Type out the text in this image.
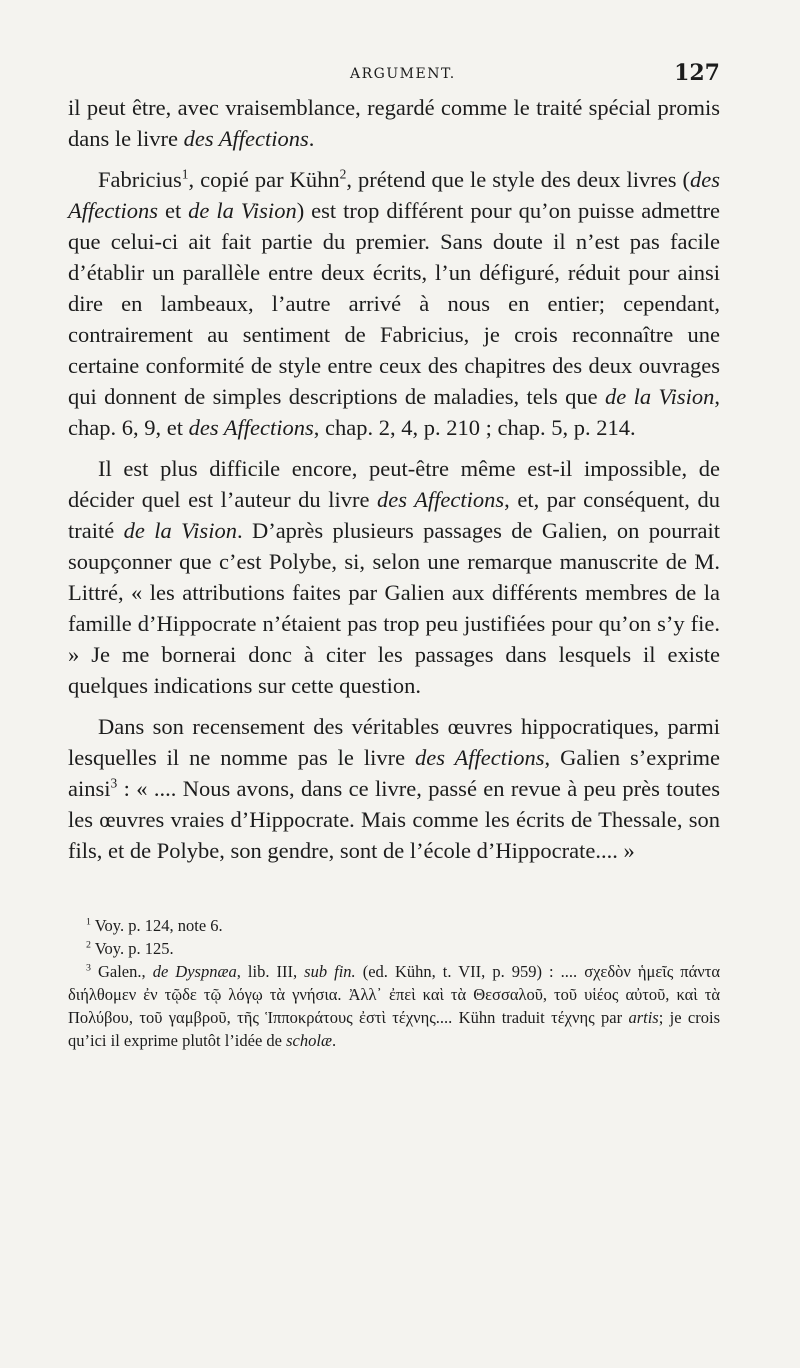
ARGUMENT.	127

il peut être, avec vraisemblance, regardé comme le traité spécial promis dans le livre des Affections.

Fabricius$^1$, copié par Kühn$^2$, prétend que le style des deux livres (des Affections et de la Vision) est trop différent pour qu’on puisse admettre que celui-ci ait fait partie du premier. Sans doute il n’est pas facile d’établir un parallèle entre deux écrits, l’un défiguré, réduit pour ainsi dire en lambeaux, l’autre arrivé à nous en entier; cependant, contrairement au sentiment de Fabricius, je crois reconnaître une certaine conformité de style entre ceux des chapitres des deux ouvrages qui donnent de simples descriptions de maladies, tels que de la Vision, chap. 6, 9, et des Affections, chap. 2, 4, p. 210 ; chap. 5, p. 214.

Il est plus difficile encore, peut-être même est-il impossible, de décider quel est l’auteur du livre des Affections, et, par conséquent, du traité de la Vision. D’après plusieurs passages de Galien, on pourrait soupçonner que c’est Polybe, si, selon une remarque manuscrite de M. Littré, « les attributions faites par Galien aux différents membres de la famille d’Hippocrate n’étaient pas trop peu justifiées pour qu’on s’y fie. » Je me bornerai donc à citer les passages dans lesquels il existe quelques indications sur cette question.

Dans son recensement des véritables œuvres hippocratiques, parmi lesquelles il ne nomme pas le livre des Affections, Galien s’exprime ainsi$^3$ : « .... Nous avons, dans ce livre, passé en revue à peu près toutes les œuvres vraies d’Hippocrate. Mais comme les écrits de Thessale, son fils, et de Polybe, son gendre, sont de l’école d’Hippocrate.... »

$^1$ Voy. p. 124, note 6.

$^2$ Voy. p. 125.

$^3$ Galen., de Dyspnæa, lib. III, sub fin. (ed. Kühn, t. VII, p. 959) : .... σχεδὸν ἡμεῖς πάντα διήλθομεν ἐν τῷδε τῷ λόγῳ τὰ γνήσια. Ἀλλ᾽ ἐπεὶ καὶ τὰ Θεσσαλοῦ, τοῦ υἱέος αὐτοῦ, καὶ τὰ Πολύβου, τοῦ γαμβροῦ, τῆς Ἱπποκράτους ἐστὶ τέχνης.... Kühn traduit τέχνης par artis; je crois qu’ici il exprime plutôt l’idée de scholæ.
